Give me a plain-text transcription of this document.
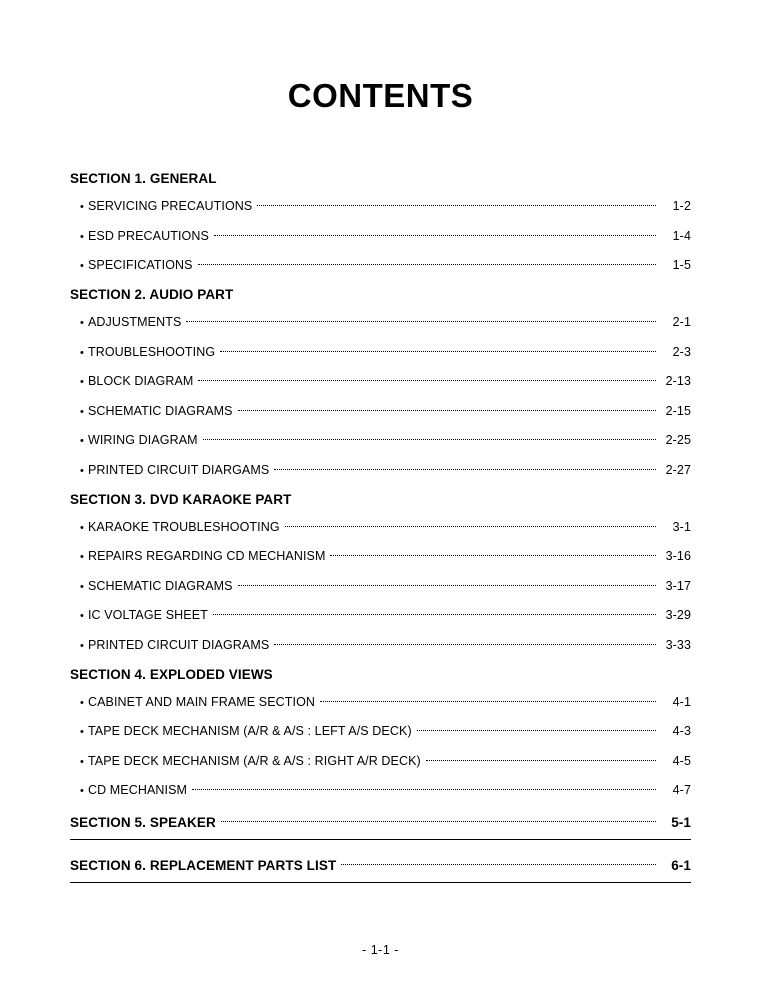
CONTENTS
SECTION 1. GENERAL
• SERVICING PRECAUTIONS	1-2
• ESD PRECAUTIONS	1-4
• SPECIFICATIONS	1-5
SECTION 2. AUDIO PART
• ADJUSTMENTS	2-1
• TROUBLESHOOTING	2-3
• BLOCK DIAGRAM	2-13
• SCHEMATIC DIAGRAMS	2-15
• WIRING DIAGRAM	2-25
• PRINTED CIRCUIT DIARGAMS	2-27
SECTION 3. DVD KARAOKE PART
• KARAOKE TROUBLESHOOTING	3-1
• REPAIRS REGARDING CD MECHANISM	3-16
• SCHEMATIC DIAGRAMS	3-17
• IC VOLTAGE SHEET	3-29
• PRINTED CIRCUIT DIAGRAMS	3-33
SECTION 4. EXPLODED VIEWS
• CABINET AND MAIN FRAME SECTION	4-1
• TAPE DECK MECHANISM (A/R & A/S : LEFT A/S DECK)	4-3
• TAPE DECK MECHANISM (A/R & A/S : RIGHT A/R DECK)	4-5
• CD MECHANISM	4-7
SECTION 5. SPEAKER	5-1
SECTION 6. REPLACEMENT PARTS LIST	6-1
- 1-1 -
